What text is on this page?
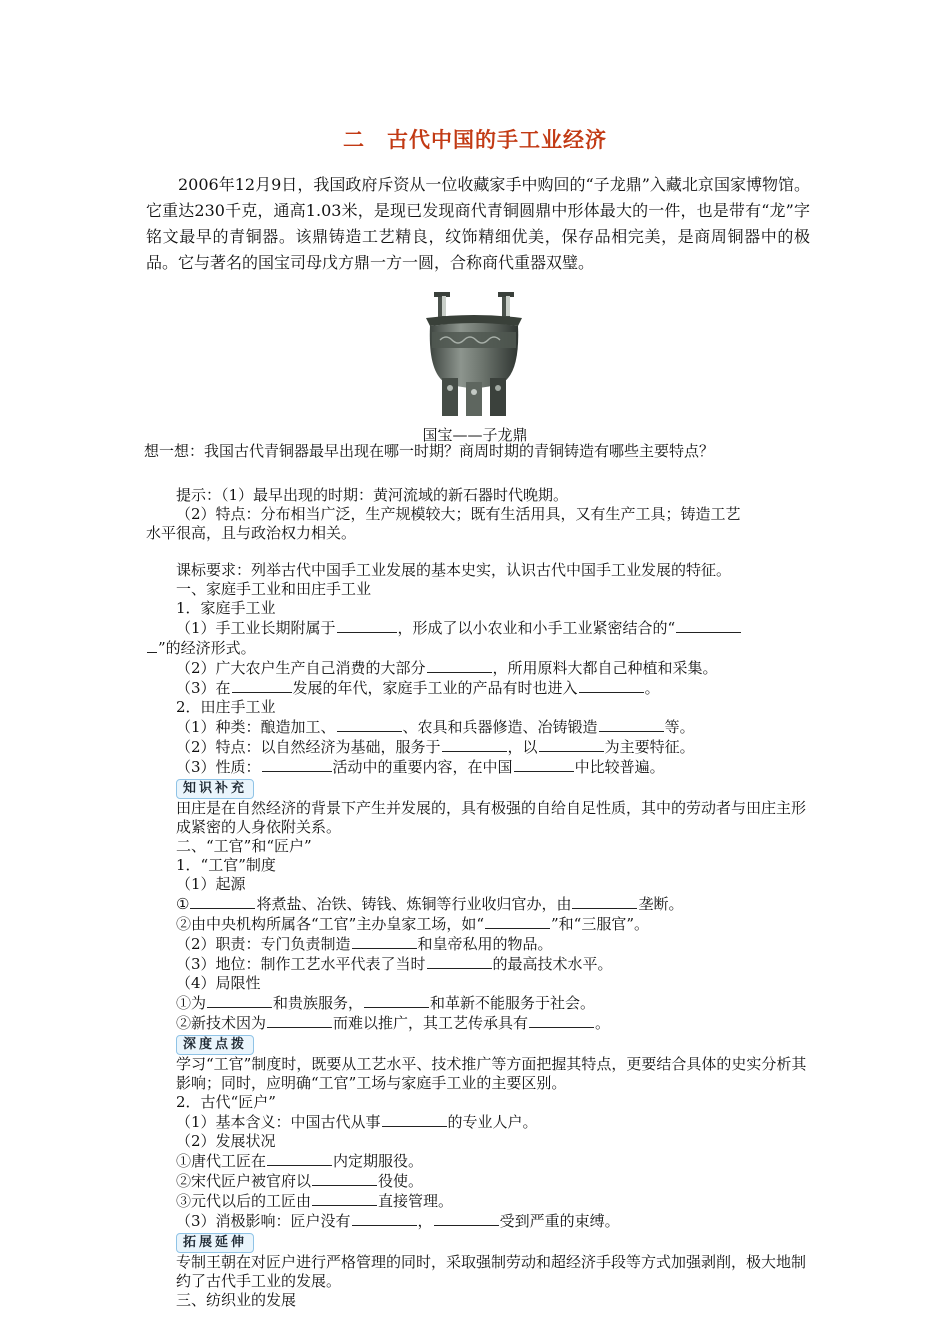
二　古代中国的手工业经济
2006年12月9日，我国政府斥资从一位收藏家手中购回的“子龙鼎”入藏北京国家博物馆。它重达230千克，通高1.03米，是现已发现商代青铜圆鼎中形体最大的一件，也是带有“龙”字铭文最早的青铜器。该鼎铸造工艺精良，纹饰精细优美，保存品相完美，是商周铜器中的极品。它与著名的国宝司母戊方鼎一方一圆，合称商代重器双璧。
国宝——子龙鼎
想一想：我国古代青铜器最早出现在哪一时期？商周时期的青铜铸造有哪些主要特点？
提示：（1）最早出现的时期：黄河流域的新石器时代晚期。
（2）特点：分布相当广泛，生产规模较大；既有生活用具，又有生产工具；铸造工艺
水平很高，且与政治权力相关。
课标要求：列举古代中国手工业发展的基本史实，认识古代中国手工业发展的特征。
一、家庭手工业和田庄手工业
1．家庭手工业
（1）手工业长期附属于	，形成了以小农业和小手工业紧密结合的“
”的经济形式。
（2）广大农户生产自己消费的大部分	，所用原料大都自己种植和采集。
（3）在	发展的年代，家庭手工业的产品有时也进入	。
2．田庄手工业
（1）种类：酿造加工、	、农具和兵器修造、冶铸锻造	等。
（2）特点：以自然经济为基础，服务于	，以	为主要特征。
（3）性质：	活动中的重要内容，在中国	中比较普遍。
知识补充
田庄是在自然经济的背景下产生并发展的，具有极强的自给自足性质，其中的劳动者与田庄主形成紧密的人身依附关系。
二、“工官”和“匠户”
1．“工官”制度
（1）起源
①	将煮盐、冶铁、铸钱、炼铜等行业收归官办，由	垄断。
②由中央机构所属各“工官”主办皇家工场，如“	”和“三服官”。
（2）职责：专门负责制造	和皇帝私用的物品。
（3）地位：制作工艺水平代表了当时	的最高技术水平。
（4）局限性
①为	和贵族服务，	和革新不能服务于社会。
②新技术因为	而难以推广，其工艺传承具有	。
深度点拨
学习“工官”制度时，既要从工艺水平、技术推广等方面把握其特点，更要结合具体的史实分析其影响；同时，应明确“工官”工场与家庭手工业的主要区别。
2．古代“匠户”
（1）基本含义：中国古代从事	的专业人户。
（2）发展状况
①唐代工匠在	内定期服役。
②宋代匠户被官府以	役使。
③元代以后的工匠由	直接管理。
（3）消极影响：匠户没有	，	受到严重的束缚。
拓展延伸
专制王朝在对匠户进行严格管理的同时，采取强制劳动和超经济手段等方式加强剥削，极大地制约了古代手工业的发展。
三、纺织业的发展
